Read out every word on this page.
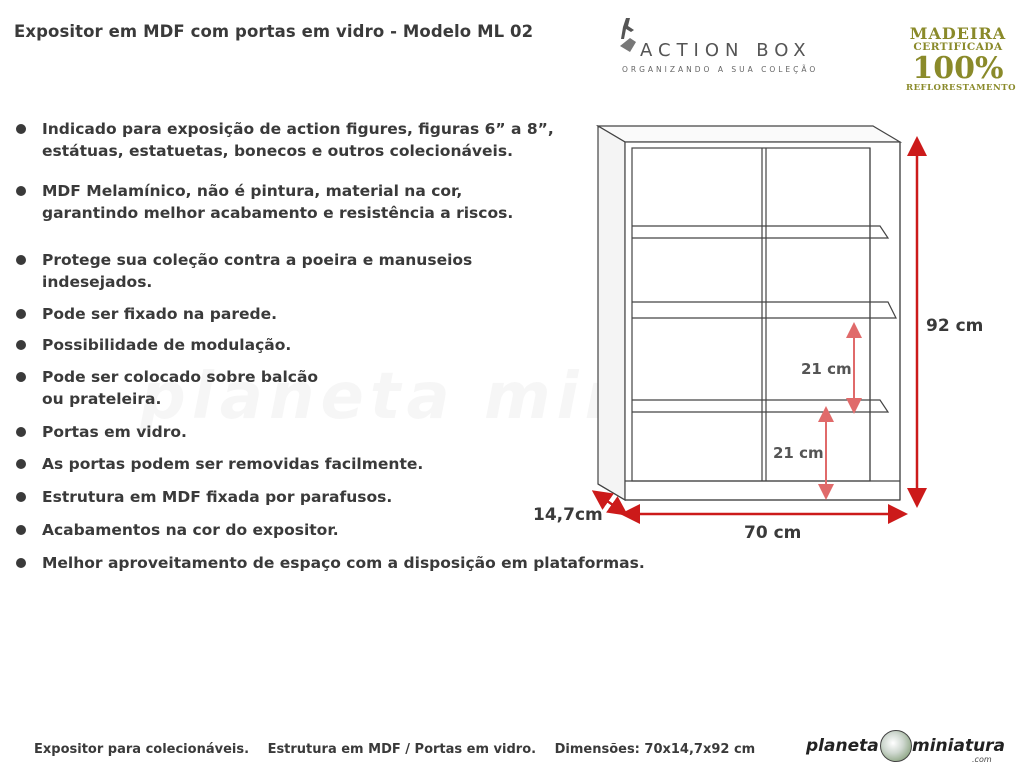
Expositor em MDF com portas em vidro - Modelo ML 02
ACTION BOX
ORGANIZANDO A SUA COLEÇÃO
MADEIRA
CERTIFICADA
100%
REFLORESTAMENTO
Indicado para exposição de action figures, figuras 6” a 8”,
estátuas, estatuetas, bonecos e outros colecionáveis.
MDF Melamínico, não é pintura, material na cor,
garantindo melhor acabamento e resistência a riscos.
Protege sua coleção contra a poeira e manuseios
indesejados.
Pode ser fixado na parede.
Possibilidade de modulação.
Pode ser colocado sobre balcão
ou prateleira.
Portas em vidro.
As portas podem ser removidas facilmente.
Estrutura em MDF fixada por parafusos.
Acabamentos na cor do expositor.
Melhor aproveitamento de espaço com a disposição em plataformas.
92 cm
70 cm
14,7cm
21 cm
21 cm
Expositor para colecionáveis. Estrutura em MDF / Portas em vidro. Dimensões: 70x14,7x92 cm	planeta miniatura
.com
